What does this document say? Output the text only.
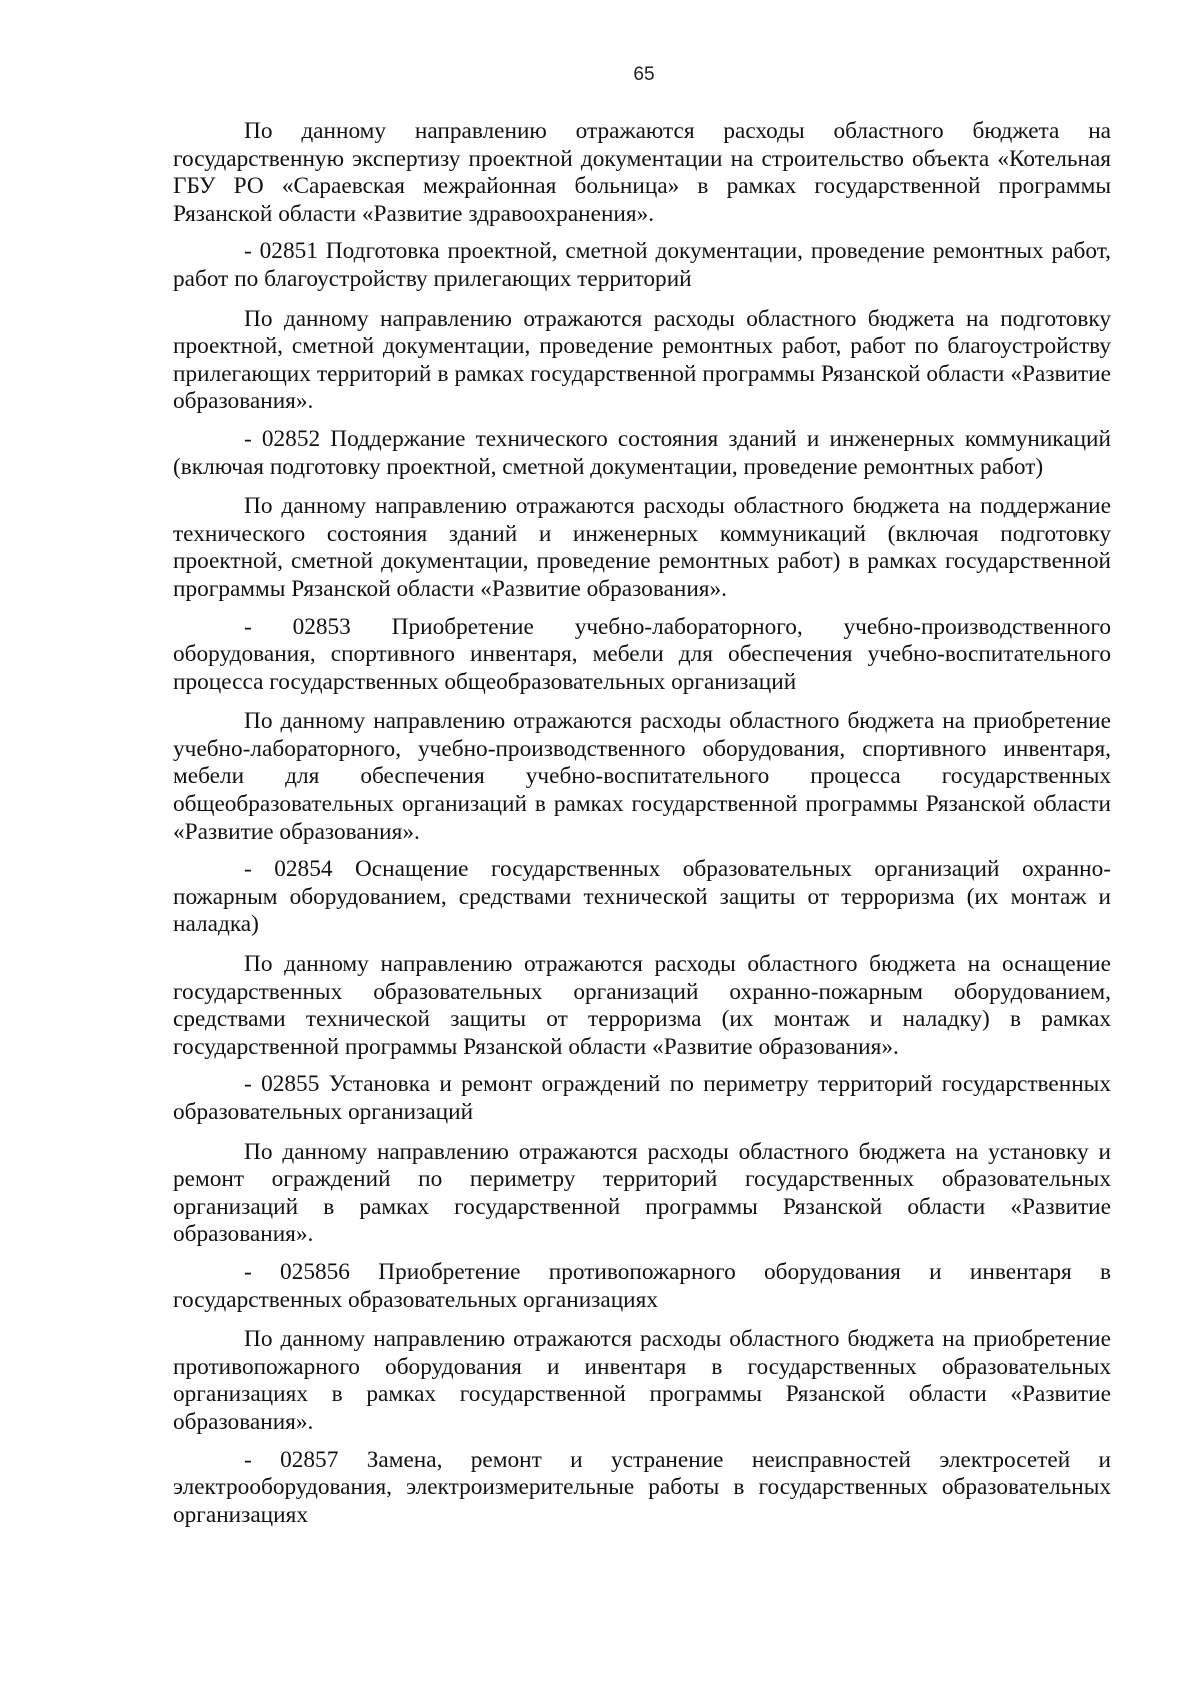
65

По данному направлению отражаются расходы областного бюджета на государственную экспертизу проектной документации на строительство объекта «Котельная ГБУ РО «Сараевская межрайонная больница» в рамках государственной программы Рязанской области «Развитие здравоохранения».

- 02851 Подготовка проектной, сметной документации, проведение ремонтных работ, работ по благоустройству прилегающих территорий

По данному направлению отражаются расходы областного бюджета на подготовку проектной, сметной документации, проведение ремонтных работ, работ по благоустройству прилегающих территорий в рамках государственной программы Рязанской области «Развитие образования».

- 02852 Поддержание технического состояния зданий и инженерных коммуникаций (включая подготовку проектной, сметной документации, проведение ремонтных работ)

По данному направлению отражаются расходы областного бюджета на поддержание технического состояния зданий и инженерных коммуникаций (включая подготовку проектной, сметной документации, проведение ремонтных работ) в рамках государственной программы Рязанской области «Развитие образования».

- 02853 Приобретение учебно-лабораторного, учебно-производственного оборудования, спортивного инвентаря, мебели для обеспечения учебно-воспитательного процесса государственных общеобразовательных организаций

По данному направлению отражаются расходы областного бюджета на приобретение учебно-лабораторного, учебно-производственного оборудования, спортивного инвентаря, мебели для обеспечения учебно-воспитательного процесса государственных общеобразовательных организаций в рамках государственной программы Рязанской области «Развитие образования».

- 02854 Оснащение государственных образовательных организаций охранно-пожарным оборудованием, средствами технической защиты от терроризма (их монтаж и наладка)

По данному направлению отражаются расходы областного бюджета на оснащение государственных образовательных организаций охранно-пожарным оборудованием, средствами технической защиты от терроризма (их монтаж и наладку) в рамках государственной программы Рязанской области «Развитие образования».

- 02855 Установка и ремонт ограждений по периметру территорий государственных образовательных организаций

По данному направлению отражаются расходы областного бюджета на установку и ремонт ограждений по периметру территорий государственных образовательных организаций в рамках государственной программы Рязанской области «Развитие образования».

- 025856 Приобретение противопожарного оборудования и инвентаря в государственных образовательных организациях

По данному направлению отражаются расходы областного бюджета на приобретение противопожарного оборудования и инвентаря в государственных образовательных организациях в рамках государственной программы Рязанской области «Развитие образования».

- 02857 Замена, ремонт и устранение неисправностей электросетей и электрооборудования, электроизмерительные работы в государственных образовательных организациях
